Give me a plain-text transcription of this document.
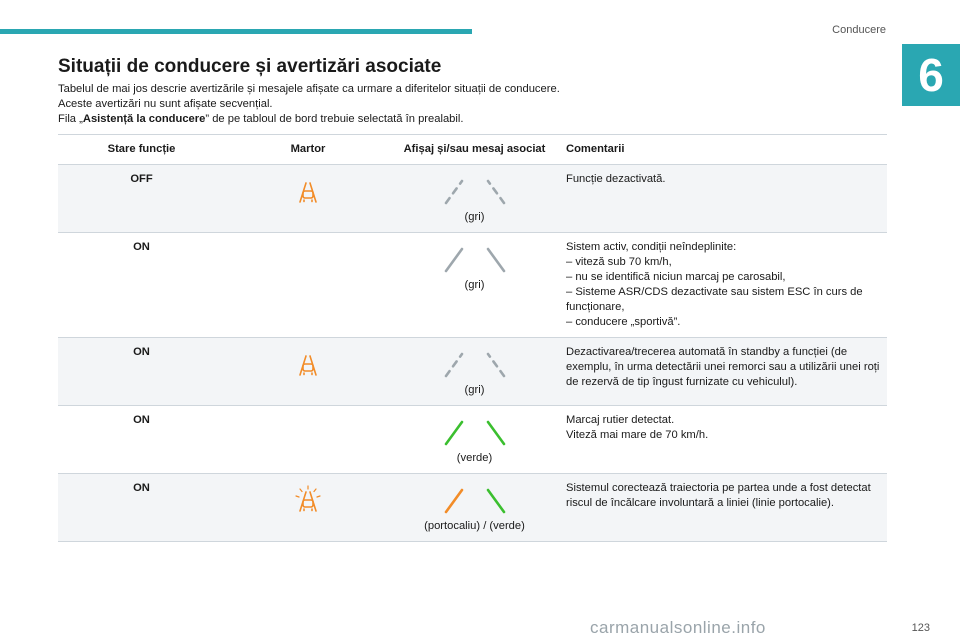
Conducere
6
Situații de conducere și avertizări asociate

Tabelul de mai jos descrie avertizările și mesajele afișate ca urmare a diferitelor situații de conducere.

Aceste avertizări nu sunt afișate secvențial.

Fila „Asistență la conducere” de pe tabloul de bord trebuie selectată în prealabil.

Stare funcție	Martor	Afișaj și/sau mesaj asociat	Comentarii
OFF		(gri)	Funcție dezactivată.
ON		(gri)	Sistem activ, condiții neîndeplinite:
– viteză sub 70 km/h,
– nu se identifică niciun marcaj pe carosabil,
– Sisteme ASR/CDS dezactivate sau sistem ESC în curs de funcționare,
– conducere „sportivă”.
ON		(gri)	Dezactivarea/trecerea automată în standby a funcției (de exemplu, în urma detectării unei remorci sau a utilizării unei roți de rezervă de tip îngust furnizate cu vehiculul).
ON		(verde)	Marcaj rutier detectat.
Viteză mai mare de 70 km/h.
ON		(portocaliu) / (verde)	Sistemul corectează traiectoria pe partea unde a fost detectat riscul de încălcare involuntară a liniei (linie portocalie).
123
carmanualsonline.info
